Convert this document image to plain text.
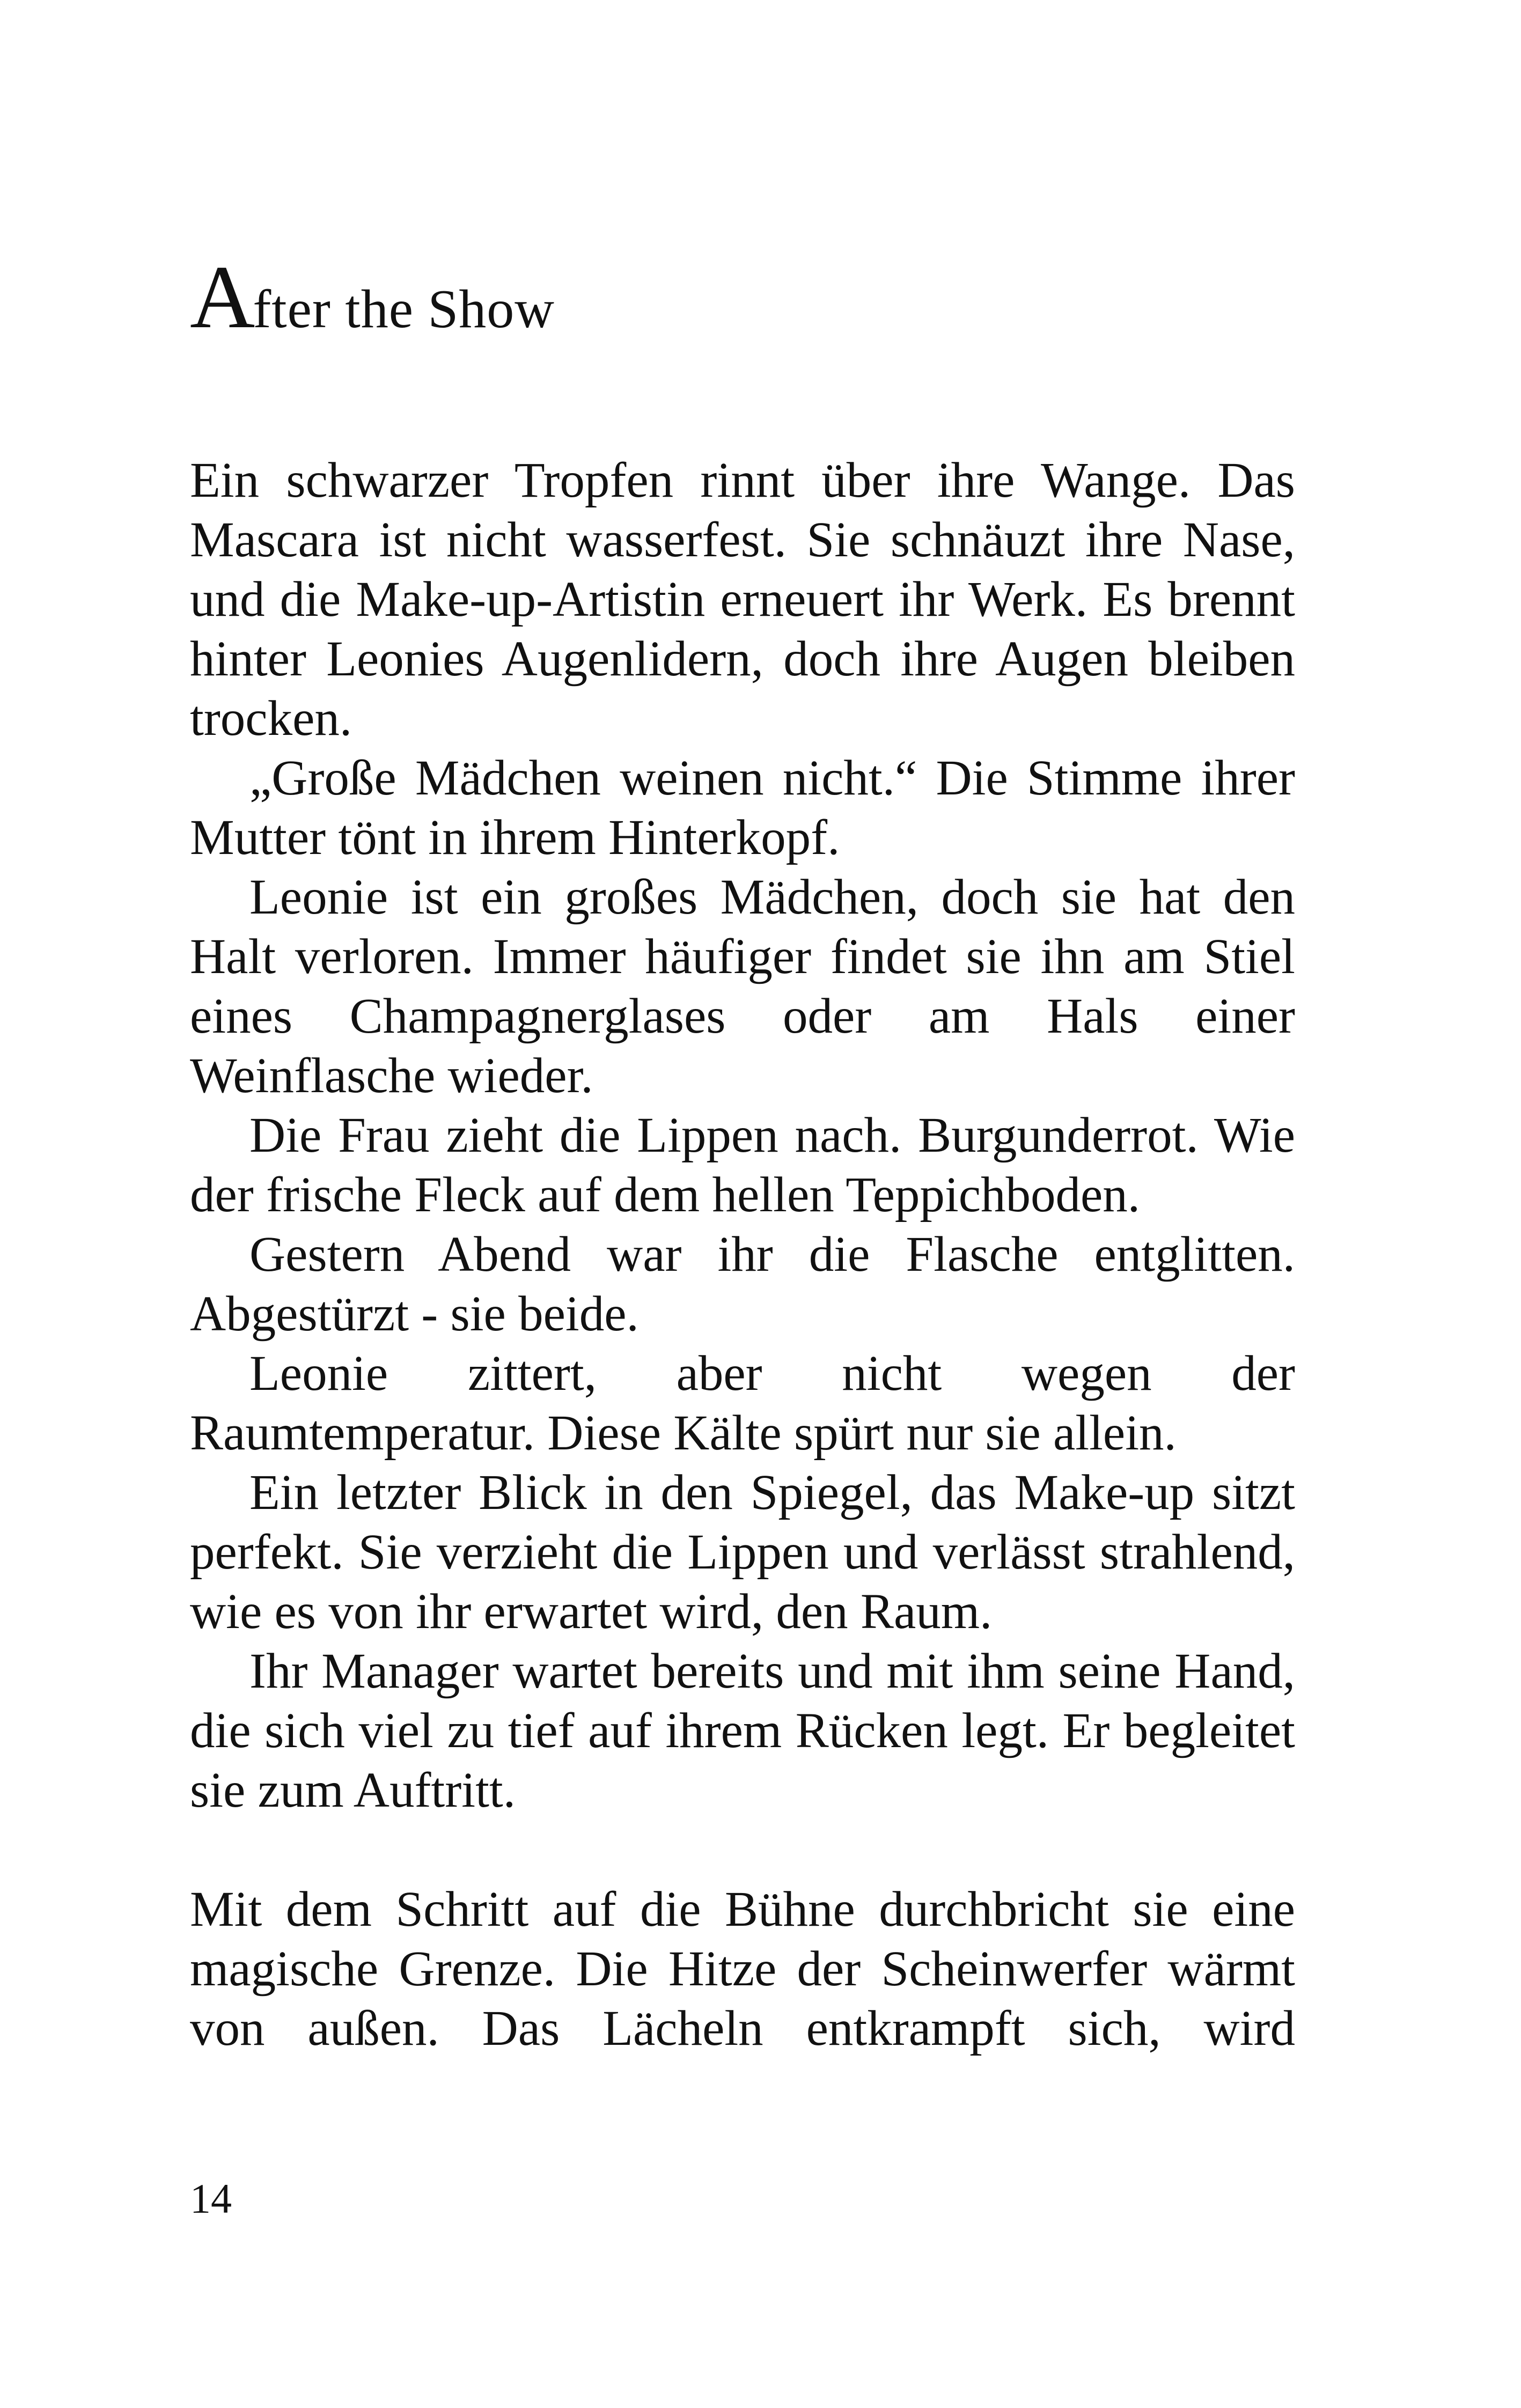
After the Show

Ein schwarzer Tropfen rinnt über ihre Wange. Das Mascara ist nicht wasserfest. Sie schnäuzt ihre Nase, und die Make-up-Artistin erneuert ihr Werk. Es brennt hinter Leonies Augenlidern, doch ihre Augen bleiben trocken.

„Große Mädchen weinen nicht.“ Die Stimme ihrer Mutter tönt in ihrem Hinterkopf.

Leonie ist ein großes Mädchen, doch sie hat den Halt verloren. Immer häufiger findet sie ihn am Stiel eines Champagnerglases oder am Hals einer Weinflasche wieder.

Die Frau zieht die Lippen nach. Burgunderrot. Wie der frische Fleck auf dem hellen Teppichboden.

Gestern Abend war ihr die Flasche entglitten. Abgestürzt - sie beide.

Leonie zittert, aber nicht wegen der Raumtemperatur. Diese Kälte spürt nur sie allein.

Ein letzter Blick in den Spiegel, das Make-up sitzt perfekt. Sie verzieht die Lippen und verlässt strahlend, wie es von ihr erwartet wird, den Raum.

Ihr Manager wartet bereits und mit ihm seine Hand, die sich viel zu tief auf ihrem Rücken legt. Er begleitet sie zum Auftritt.

Mit dem Schritt auf die Bühne durchbricht sie eine magische Grenze. Die Hitze der Scheinwerfer wärmt von außen. Das Lächeln entkrampft sich, wird

14
